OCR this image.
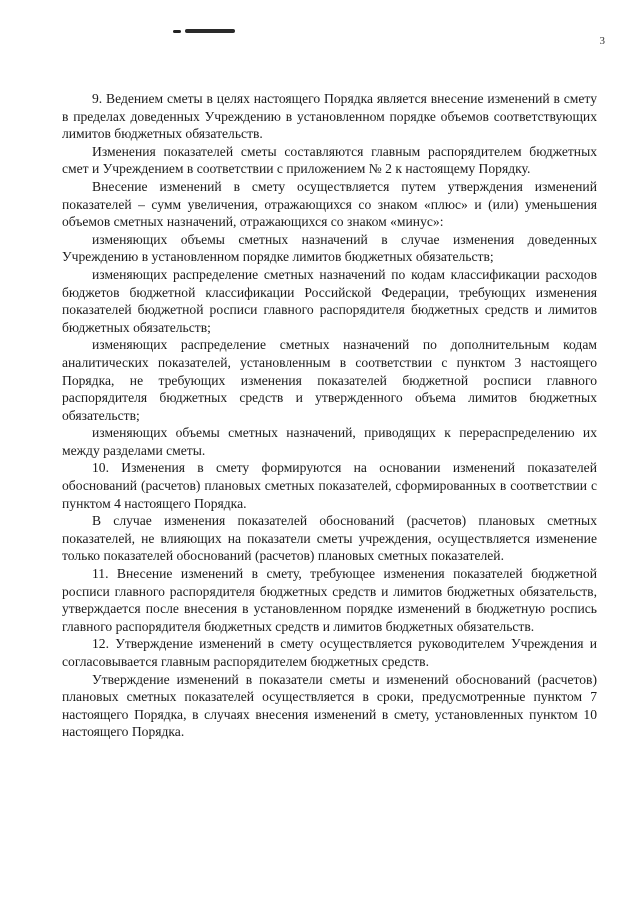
3

9. Ведением сметы в целях настоящего Порядка является внесение изменений в смету в пределах доведенных Учреждению в установленном порядке объемов соответствующих лимитов бюджетных обязательств.

Изменения показателей сметы составляются главным распорядителем бюджетных смет и Учреждением в соответствии с приложением № 2 к настоящему Порядку.

Внесение изменений в смету осуществляется путем утверждения изменений показателей – сумм увеличения, отражающихся со знаком «плюс» и (или) уменьшения объемов сметных назначений, отражающихся со знаком «минус»:

изменяющих объемы сметных назначений в случае изменения доведенных Учреждению в установленном порядке лимитов бюджетных обязательств;

изменяющих распределение сметных назначений по кодам классификации расходов бюджетов бюджетной классификации Российской Федерации, требующих изменения показателей бюджетной росписи главного распорядителя бюджетных средств и лимитов бюджетных обязательств;

изменяющих распределение сметных назначений по дополнительным кодам аналитических показателей, установленным в соответствии с пунктом 3 настоящего Порядка, не требующих изменения показателей бюджетной росписи главного распорядителя бюджетных средств и утвержденного объема лимитов бюджетных обязательств;

изменяющих объемы сметных назначений, приводящих к перераспределению их между разделами сметы.

10. Изменения в смету формируются на основании изменений показателей обоснований (расчетов) плановых сметных показателей, сформированных в соответствии с пунктом 4 настоящего Порядка.

В случае изменения показателей обоснований (расчетов) плановых сметных показателей, не влияющих на показатели сметы учреждения, осуществляется изменение только показателей обоснований (расчетов) плановых сметных показателей.

11. Внесение изменений в смету, требующее изменения показателей бюджетной росписи главного распорядителя бюджетных средств и лимитов бюджетных обязательств, утверждается после внесения в установленном порядке изменений в бюджетную роспись главного распорядителя бюджетных средств и лимитов бюджетных обязательств.

12. Утверждение изменений в смету осуществляется руководителем Учреждения и согласовывается главным распорядителем бюджетных средств.

Утверждение изменений в показатели сметы и изменений обоснований (расчетов) плановых сметных показателей осуществляется в сроки, предусмотренные пунктом 7 настоящего Порядка, в случаях внесения изменений в смету, установленных пунктом 10 настоящего Порядка.
